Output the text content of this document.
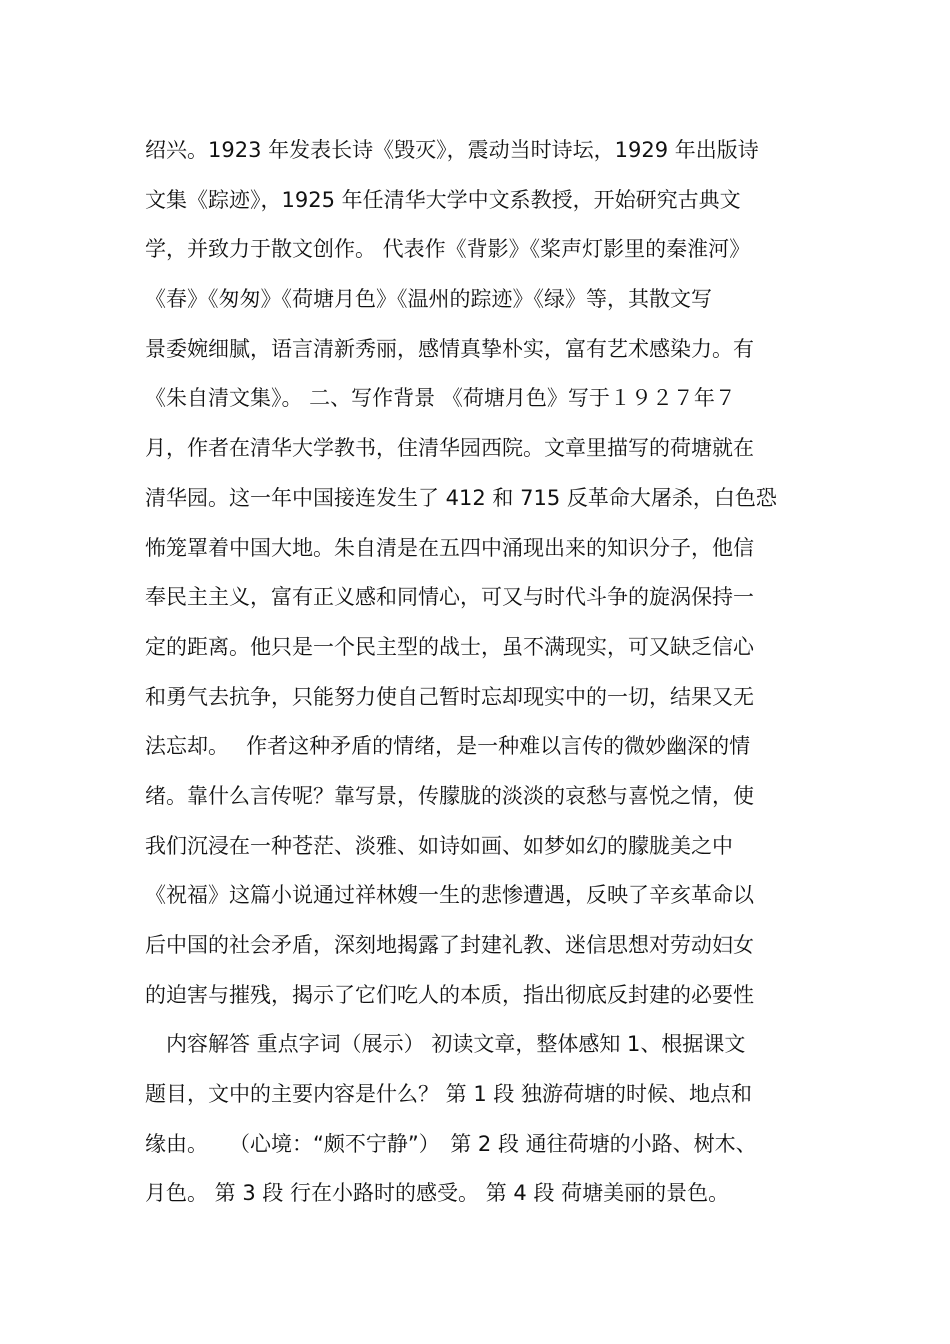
绍兴。1923 年发表长诗《毁灭》，震动当时诗坛，1929 年出版诗
文集《踪迹》，1925 年任清华大学中文系教授，开始研究古典文
学，并致力于散文创作。 代表作《背影》《桨声灯影里的秦淮河》
《春》《匆匆》《荷塘月色》《温州的踪迹》《绿》等，其散文写
景委婉细腻，语言清新秀丽，感情真挚朴实，富有艺术感染力。有
《朱自清文集》。 二、写作背景 《荷塘月色》写于１９２７年７
月，作者在清华大学教书，住清华园西院。文章里描写的荷塘就在
清华园。这一年中国接连发生了 412 和 715 反革命大屠杀，白色恐
怖笼罩着中国大地。朱自清是在五四中涌现出来的知识分子，他信
奉民主主义，富有正义感和同情心，可又与时代斗争的旋涡保持一
定的距离。他只是一个民主型的战士，虽不满现实，可又缺乏信心
和勇气去抗争，只能努力使自己暂时忘却现实中的一切，结果又无
法忘却。　 作者这种矛盾的情绪，是一种难以言传的微妙幽深的情
绪。靠什么言传呢？靠写景，传朦胧的淡淡的哀愁与喜悦之情，使
我们沉浸在一种苍茫、淡雅、如诗如画、如梦如幻的朦胧美之中
《祝福》这篇小说通过祥林嫂一生的悲惨遭遇，反映了辛亥革命以
后中国的社会矛盾，深刻地揭露了封建礼教、迷信思想对劳动妇女
的迫害与摧残，揭示了它们吃人的本质，指出彻底反封建的必要性
　内容解答 重点字词（展示） 初读文章，整体感知 1、根据课文
题目，文中的主要内容是什么？ 第 1 段 独游荷塘的时候、地点和
缘由。　　（心境：“颇不宁静”）　第 2 段 通往荷塘的小路、树木、
月色。 第 3 段 行在小路时的感受。 第 4 段 荷塘美丽的景色。
